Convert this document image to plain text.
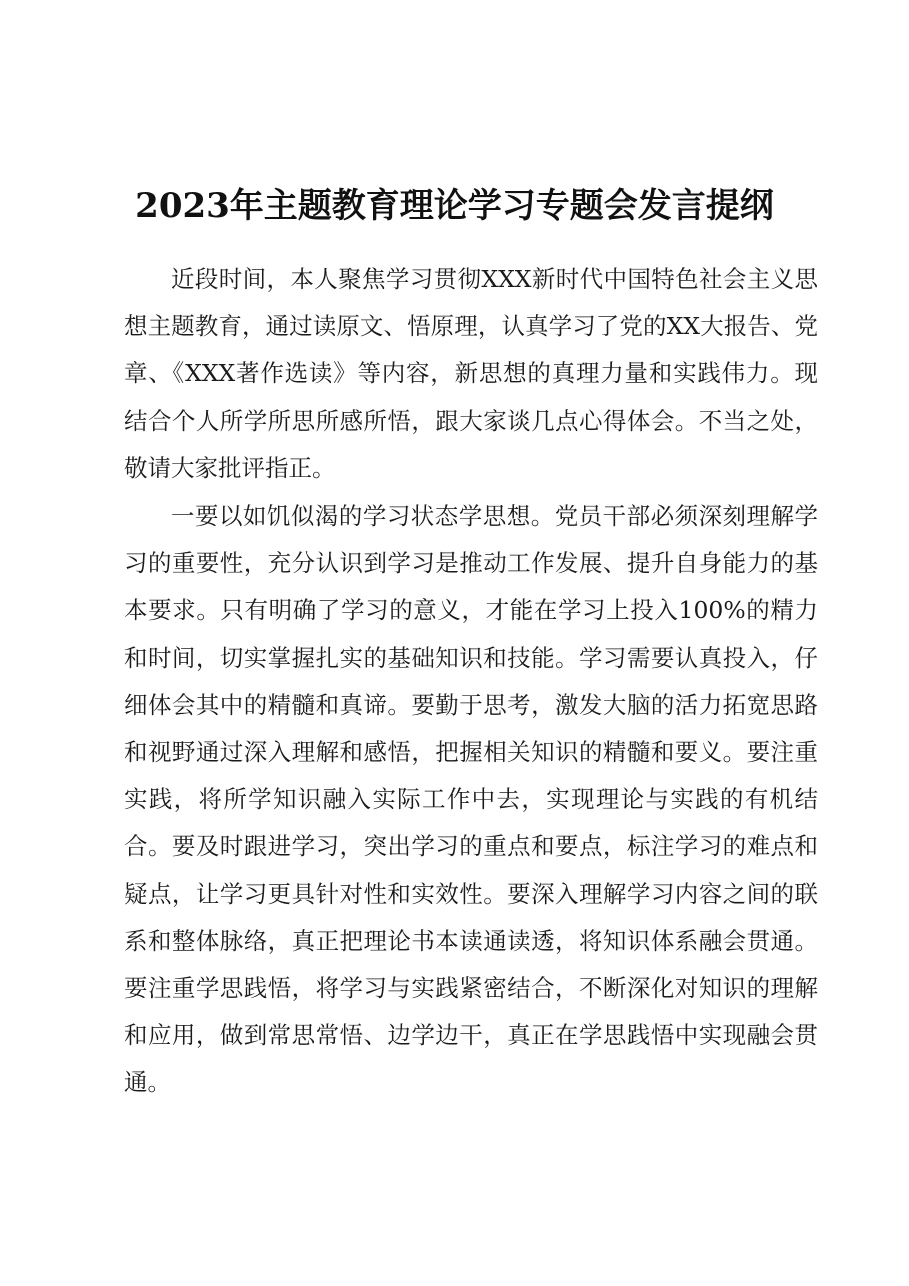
2023年主题教育理论学习专题会发言提纲

近段时间，本人聚焦学习贯彻XXX新时代中国特色社会主义思想主题教育，通过读原文、悟原理，认真学习了党的XX大报告、党章、《XXX著作选读》等内容，新思想的真理力量和实践伟力。现结合个人所学所思所感所悟，跟大家谈几点心得体会。不当之处，敬请大家批评指正。

一要以如饥似渴的学习状态学思想。党员干部必须深刻理解学习的重要性，充分认识到学习是推动工作发展、提升自身能力的基本要求。只有明确了学习的意义，才能在学习上投入100%的精力和时间，切实掌握扎实的基础知识和技能。学习需要认真投入，仔细体会其中的精髓和真谛。要勤于思考，激发大脑的活力拓宽思路和视野通过深入理解和感悟，把握相关知识的精髓和要义。要注重实践，将所学知识融入实际工作中去，实现理论与实践的有机结合。要及时跟进学习，突出学习的重点和要点，标注学习的难点和疑点，让学习更具针对性和实效性。要深入理解学习内容之间的联系和整体脉络，真正把理论书本读通读透，将知识体系融会贯通。要注重学思践悟，将学习与实践紧密结合，不断深化对知识的理解和应用，做到常思常悟、边学边干，真正在学思践悟中实现融会贯通。
